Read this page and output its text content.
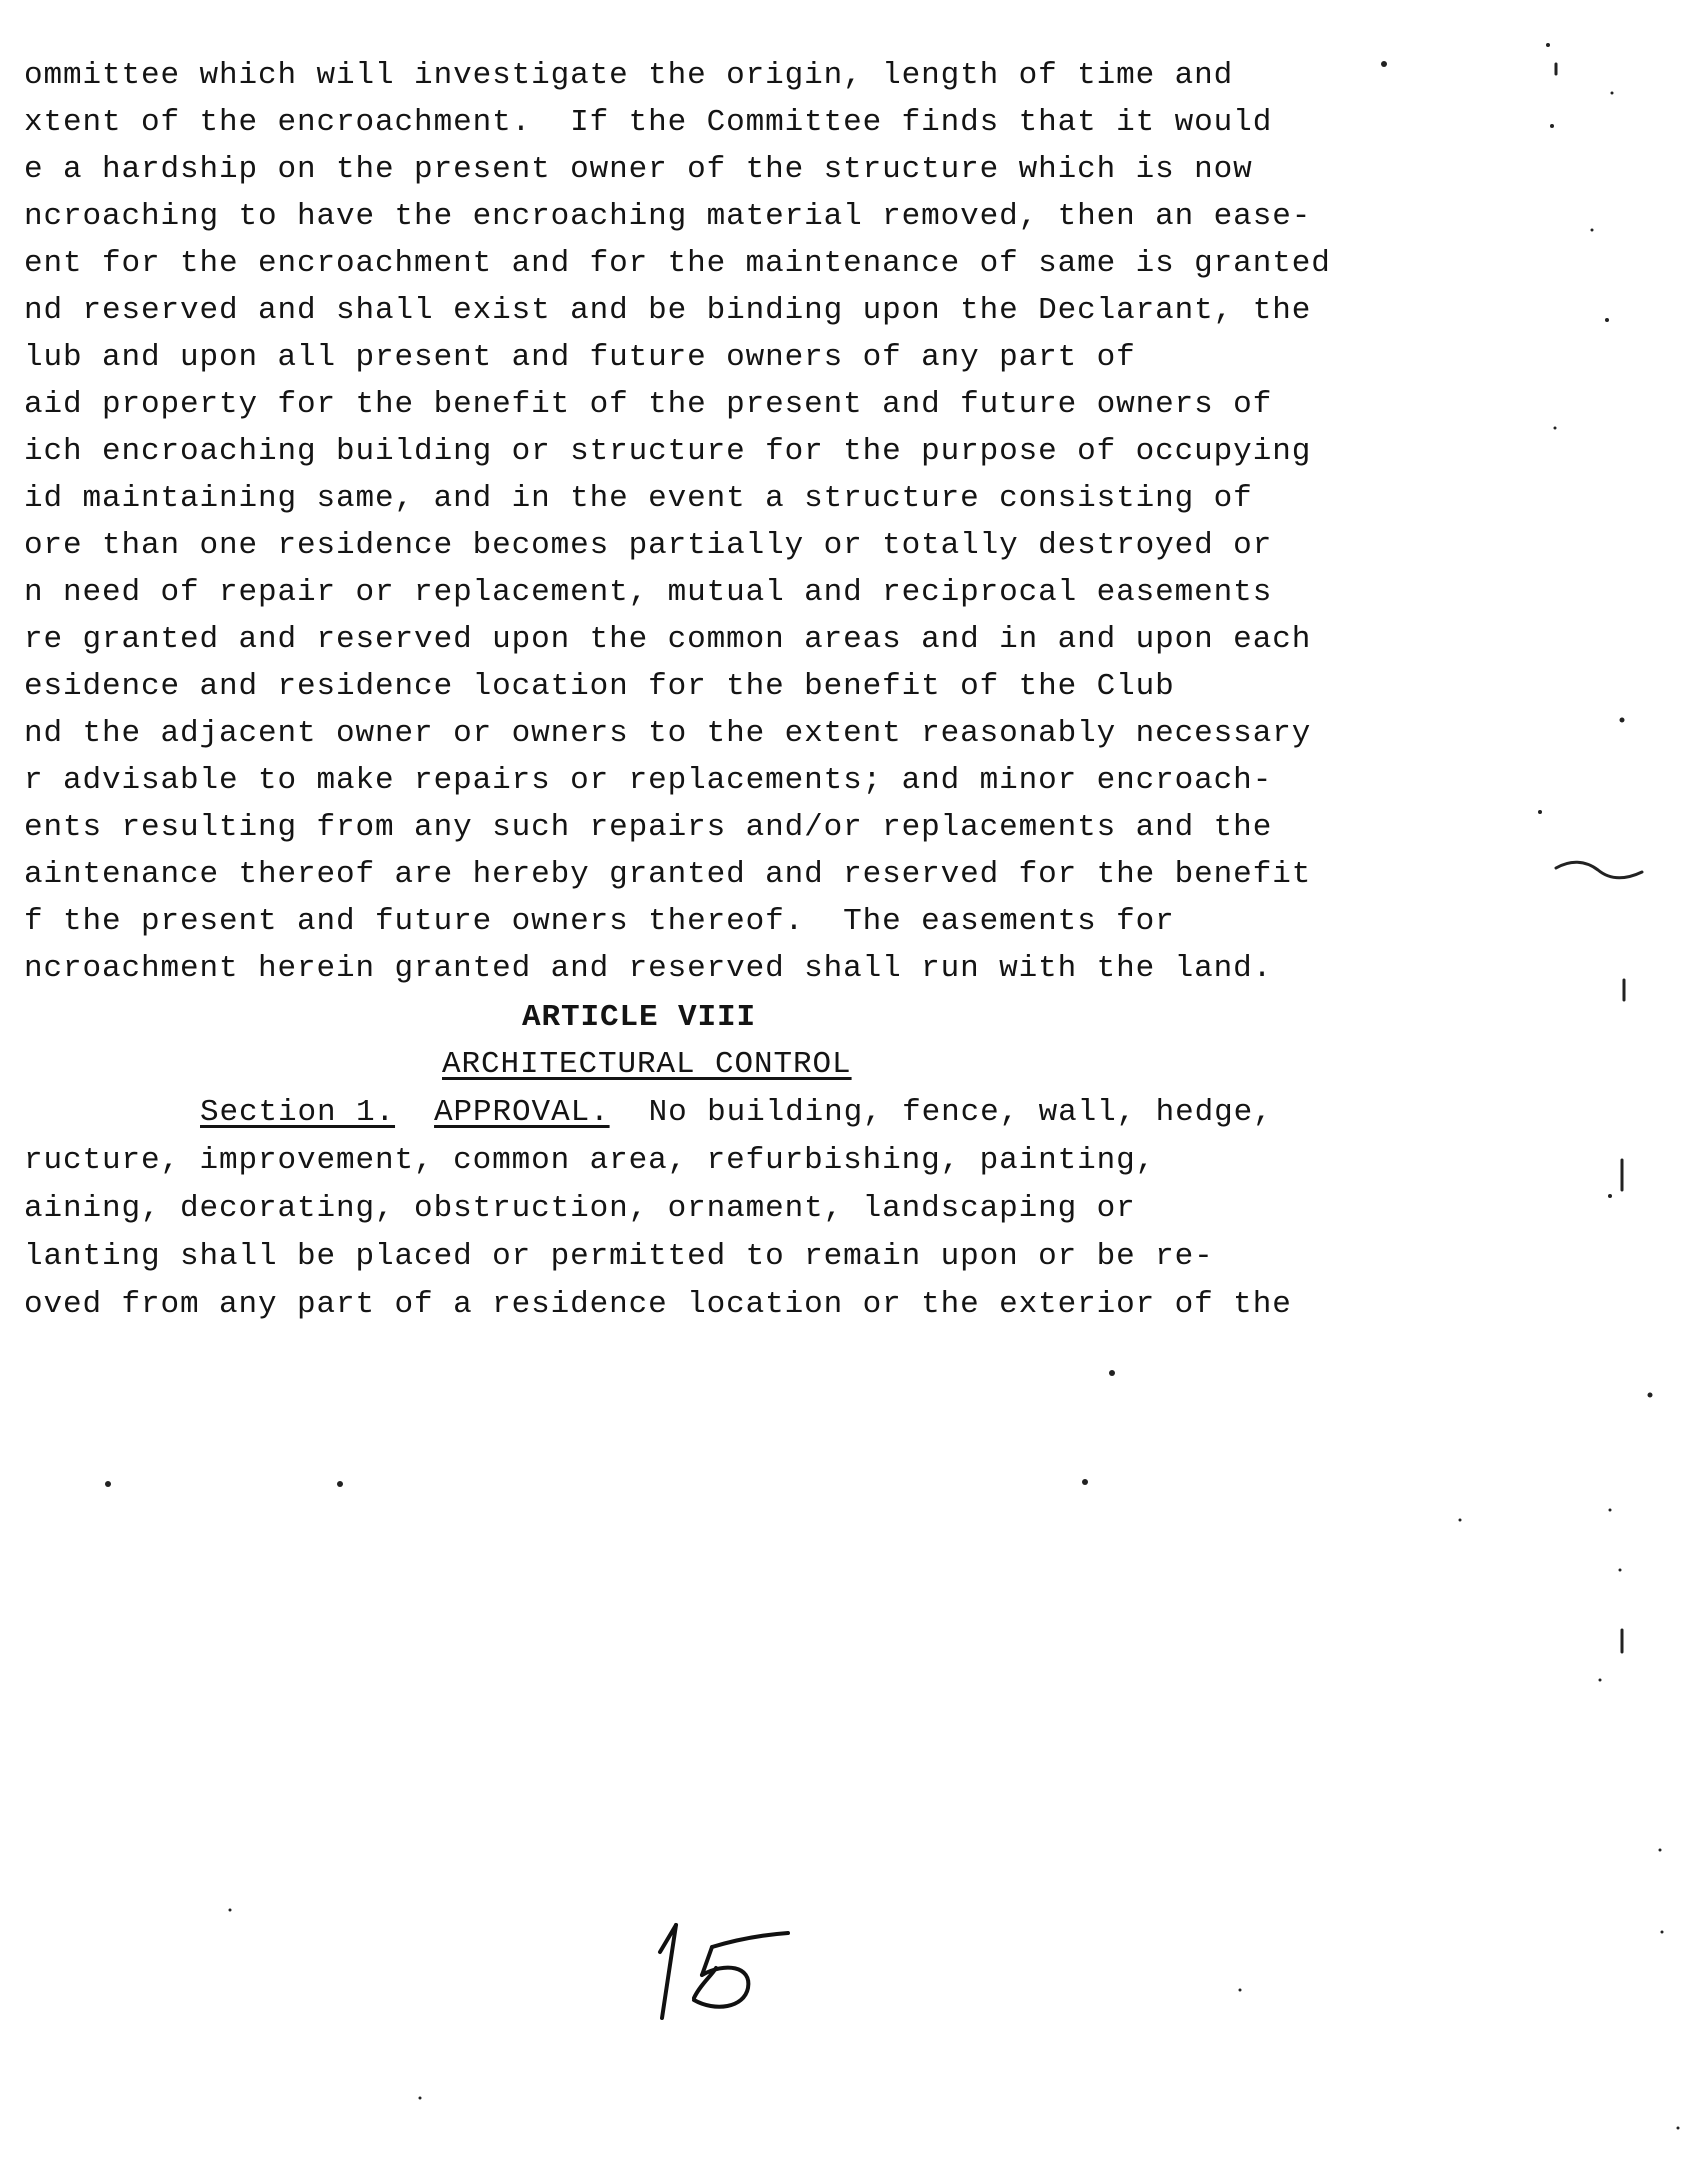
ommittee which will investigate the origin, length of time and
xtent of the encroachment.  If the Committee finds that it would
e a hardship on the present owner of the structure which is now
ncroaching to have the encroaching material removed, then an ease-
ent for the encroachment and for the maintenance of same is granted
nd reserved and shall exist and be binding upon the Declarant, the
lub and upon all present and future owners of any part of
aid property for the benefit of the present and future owners of
ich encroaching building or structure for the purpose of occupying
id maintaining same, and in the event a structure consisting of
ore than one residence becomes partially or totally destroyed or
n need of repair or replacement, mutual and reciprocal easements
re granted and reserved upon the common areas and in and upon each
esidence and residence location for the benefit of the Club
nd the adjacent owner or owners to the extent reasonably necessary
r advisable to make repairs or replacements; and minor encroach-
ents resulting from any such repairs and/or replacements and the
aintenance thereof are hereby granted and reserved for the benefit
f the present and future owners thereof.  The easements for
ncroachment herein granted and reserved shall run with the land.
ARTICLE VIII
ARCHITECTURAL CONTROL
Section 1. APPROVAL.  No building, fence, wall, hedge,
ructure, improvement, common area, refurbishing, painting,
aining, decorating, obstruction, ornament, landscaping or
lanting shall be placed or permitted to remain upon or be re-
oved from any part of a residence location or the exterior of the
